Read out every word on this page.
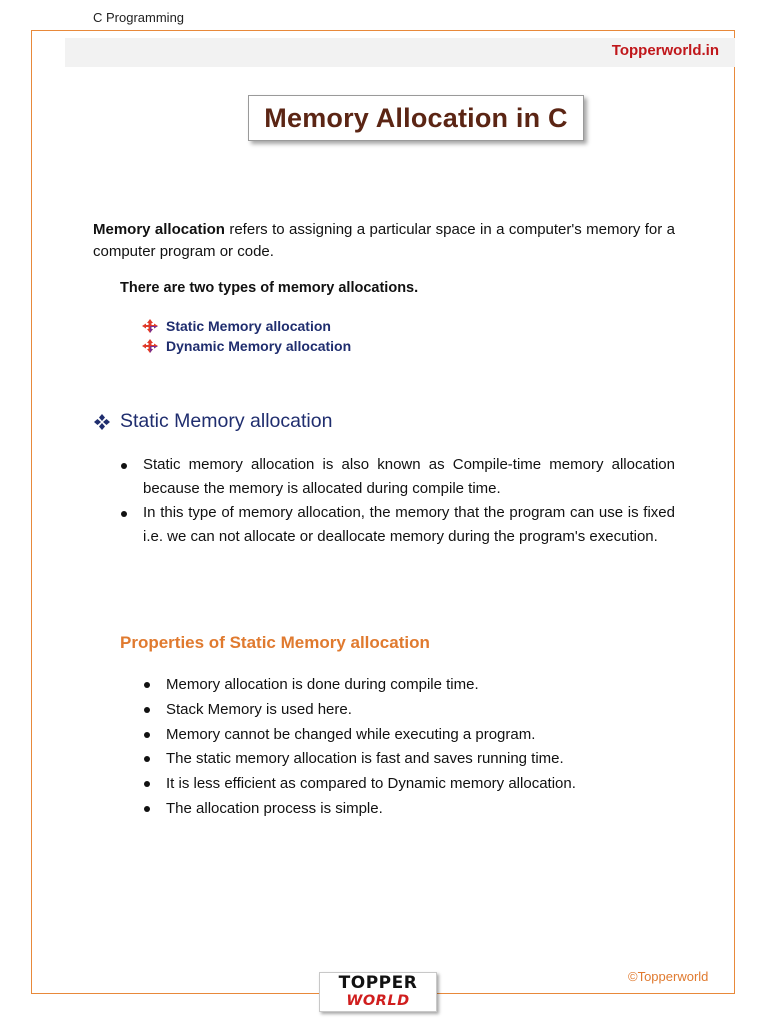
C Programming
Topperworld.in
Memory Allocation in C

Memory allocation refers to assigning a particular space in a computer's memory for a computer program or code.

There are two types of memory allocations.
Static Memory allocation
Dynamic Memory allocation
Static Memory allocation
Static memory allocation is also known as Compile-time memory allocation because the memory is allocated during compile time.
In this type of memory allocation, the memory that the program can use is fixed i.e. we can not allocate or deallocate memory during the program's execution.
Properties of Static Memory allocation
Memory allocation is done during compile time.
Stack Memory is used here.
Memory cannot be changed while executing a program.
The static memory allocation is fast and saves running time.
It is less efficient as compared to Dynamic memory allocation.
The allocation process is simple.
©Topperworld
TOPPER
WORLD
